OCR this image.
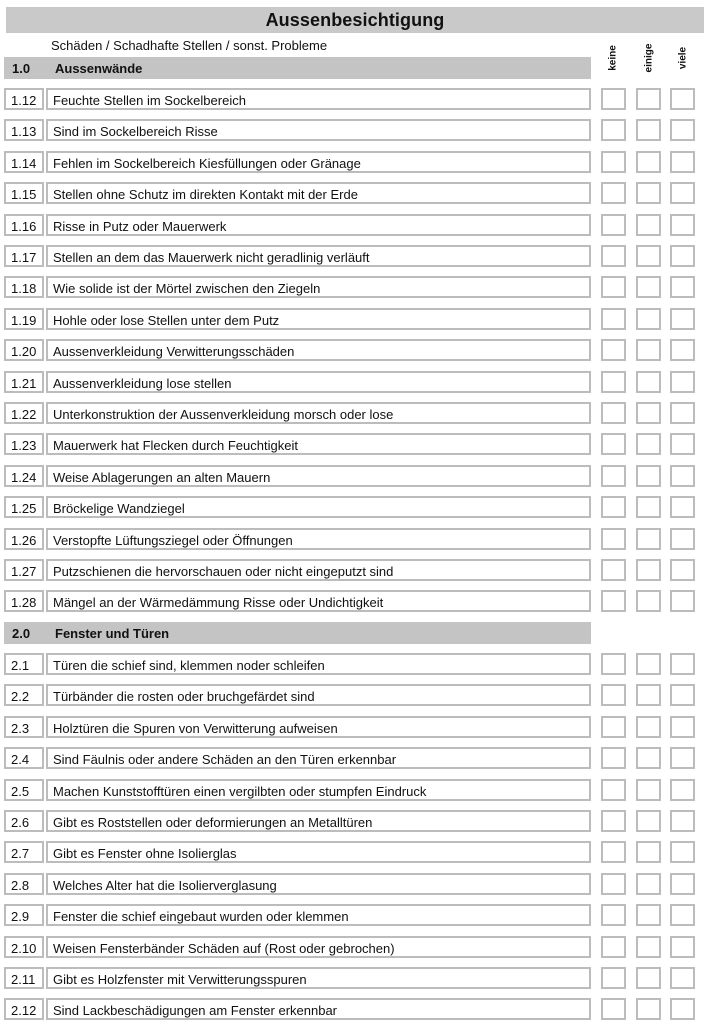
Aussenbesichtigung
Schäden / Schadhafte Stellen / sonst. Probleme	keine	einige viele
1.0 Aussenwände
1.12 Feuchte Stellen im Sockelbereich
1.13 Sind im Sockelbereich Risse
1.14 Fehlen im Sockelbereich Kiesfüllungen oder Gränage
1.15 Stellen ohne Schutz im direkten Kontakt mit der Erde
1.16 Risse in Putz oder Mauerwerk
1.17 Stellen an dem das Mauerwerk nicht geradlinig verläuft
1.18 Wie solide ist der Mörtel zwischen den Ziegeln
1.19 Hohle oder lose Stellen unter dem Putz
1.20 Aussenverkleidung Verwitterungsschäden
1.21 Aussenverkleidung lose stellen
1.22 Unterkonstruktion der Aussenverkleidung morsch oder lose
1.23 Mauerwerk hat Flecken durch Feuchtigkeit
1.24 Weise Ablagerungen an alten Mauern
1.25 Bröckelige Wandziegel
1.26 Verstopfte Lüftungsziegel oder Öffnungen
1.27 Putzschienen die hervorschauen oder nicht eingeputzt sind
1.28 Mängel an der Wärmedämmung Risse oder Undichtigkeit
2.0 Fenster und Türen
2.1 Türen die schief sind, klemmen noder schleifen
2.2 Türbänder die rosten oder bruchgefärdet sind
2.3 Holztüren die Spuren von Verwitterung aufweisen
2.4 Sind Fäulnis oder andere Schäden an den Türen erkennbar
2.5 Machen Kunststofftüren einen vergilbten oder stumpfen Eindruck
2.6 Gibt es Roststellen oder deformierungen an Metalltüren
2.7 Gibt es Fenster ohne Isolierglas
2.8 Welches Alter hat die Isolierverglasung
2.9 Fenster die schief eingebaut wurden oder klemmen
2.10 Weisen Fensterbänder Schäden auf (Rost oder gebrochen)
2.11 Gibt es Holzfenster mit Verwitterungsspuren
2.12 Sind Lackbeschädigungen am Fenster erkennbar
